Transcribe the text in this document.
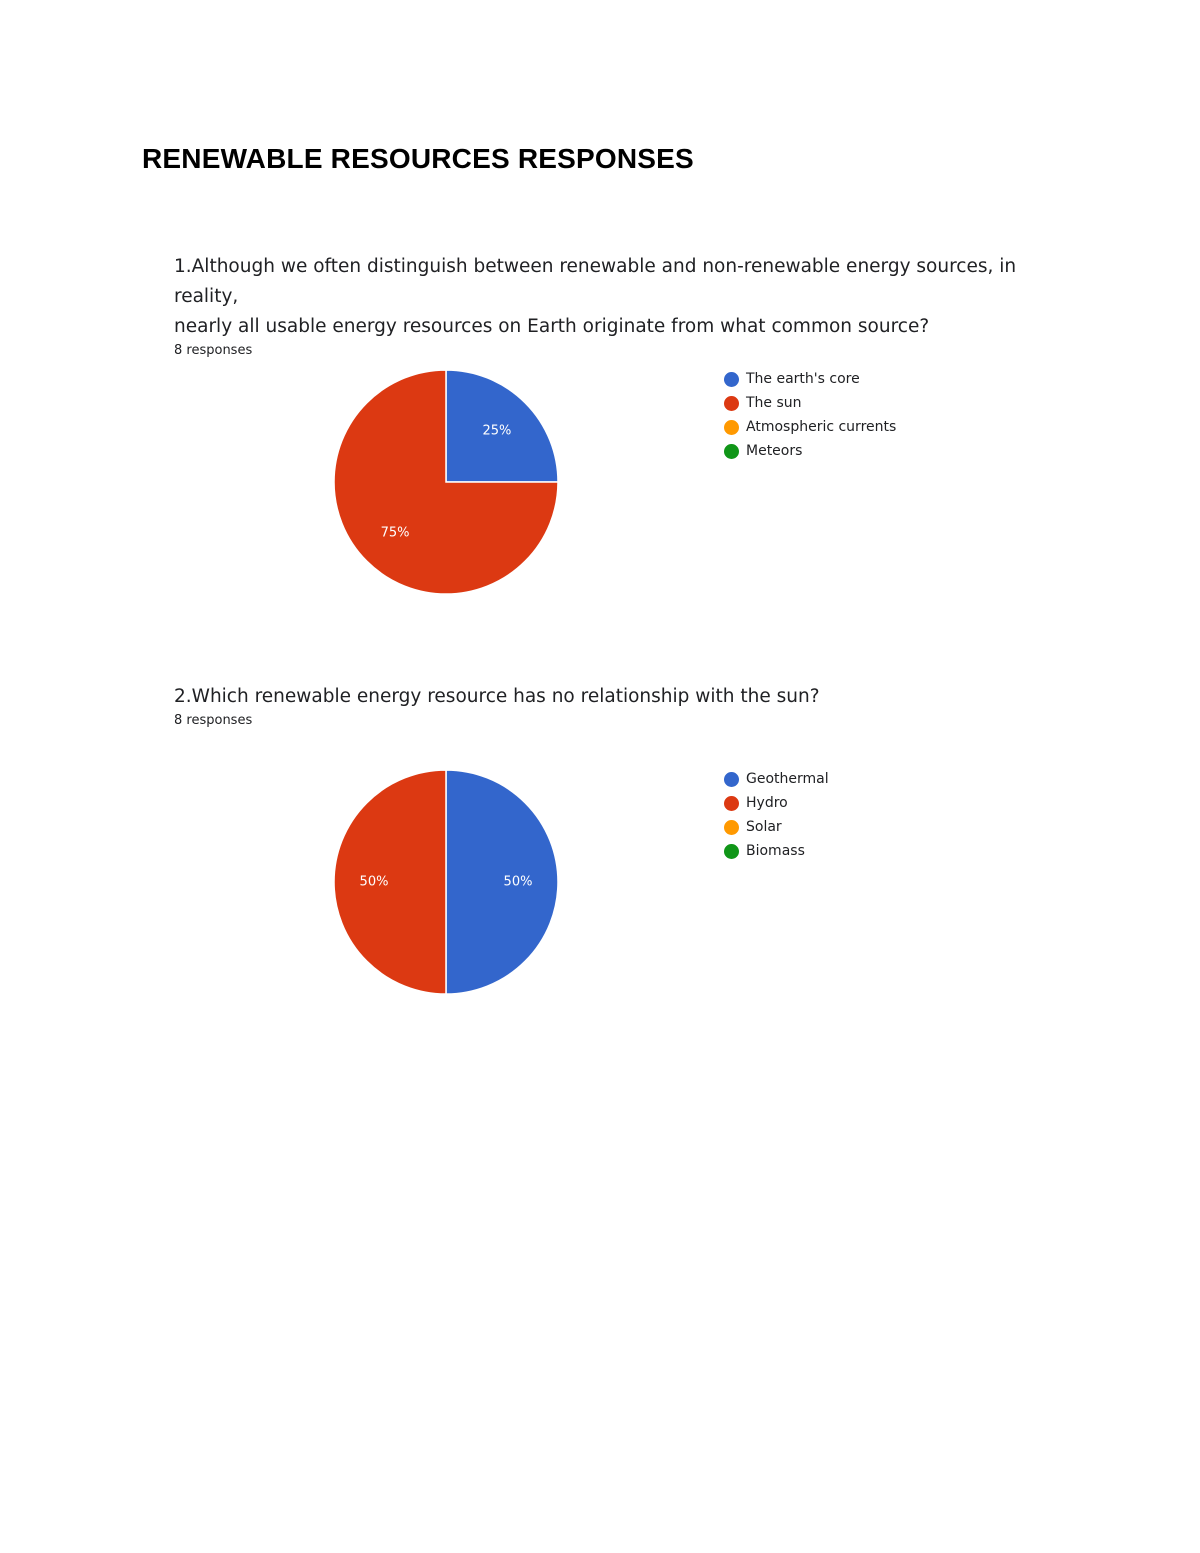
RENEWABLE RESOURCES RESPONSES

1.Although we often distinguish between renewable and non-renewable energy sources, in reality,
nearly all usable energy resources on Earth originate from what common source?

8 responses

25%
75%
The earth's core
The sun
Atmospheric currents
Meteors

2.Which renewable energy resource has no relationship with the sun?

8 responses

50%
50%
Geothermal
Hydro
Solar
Biomass
